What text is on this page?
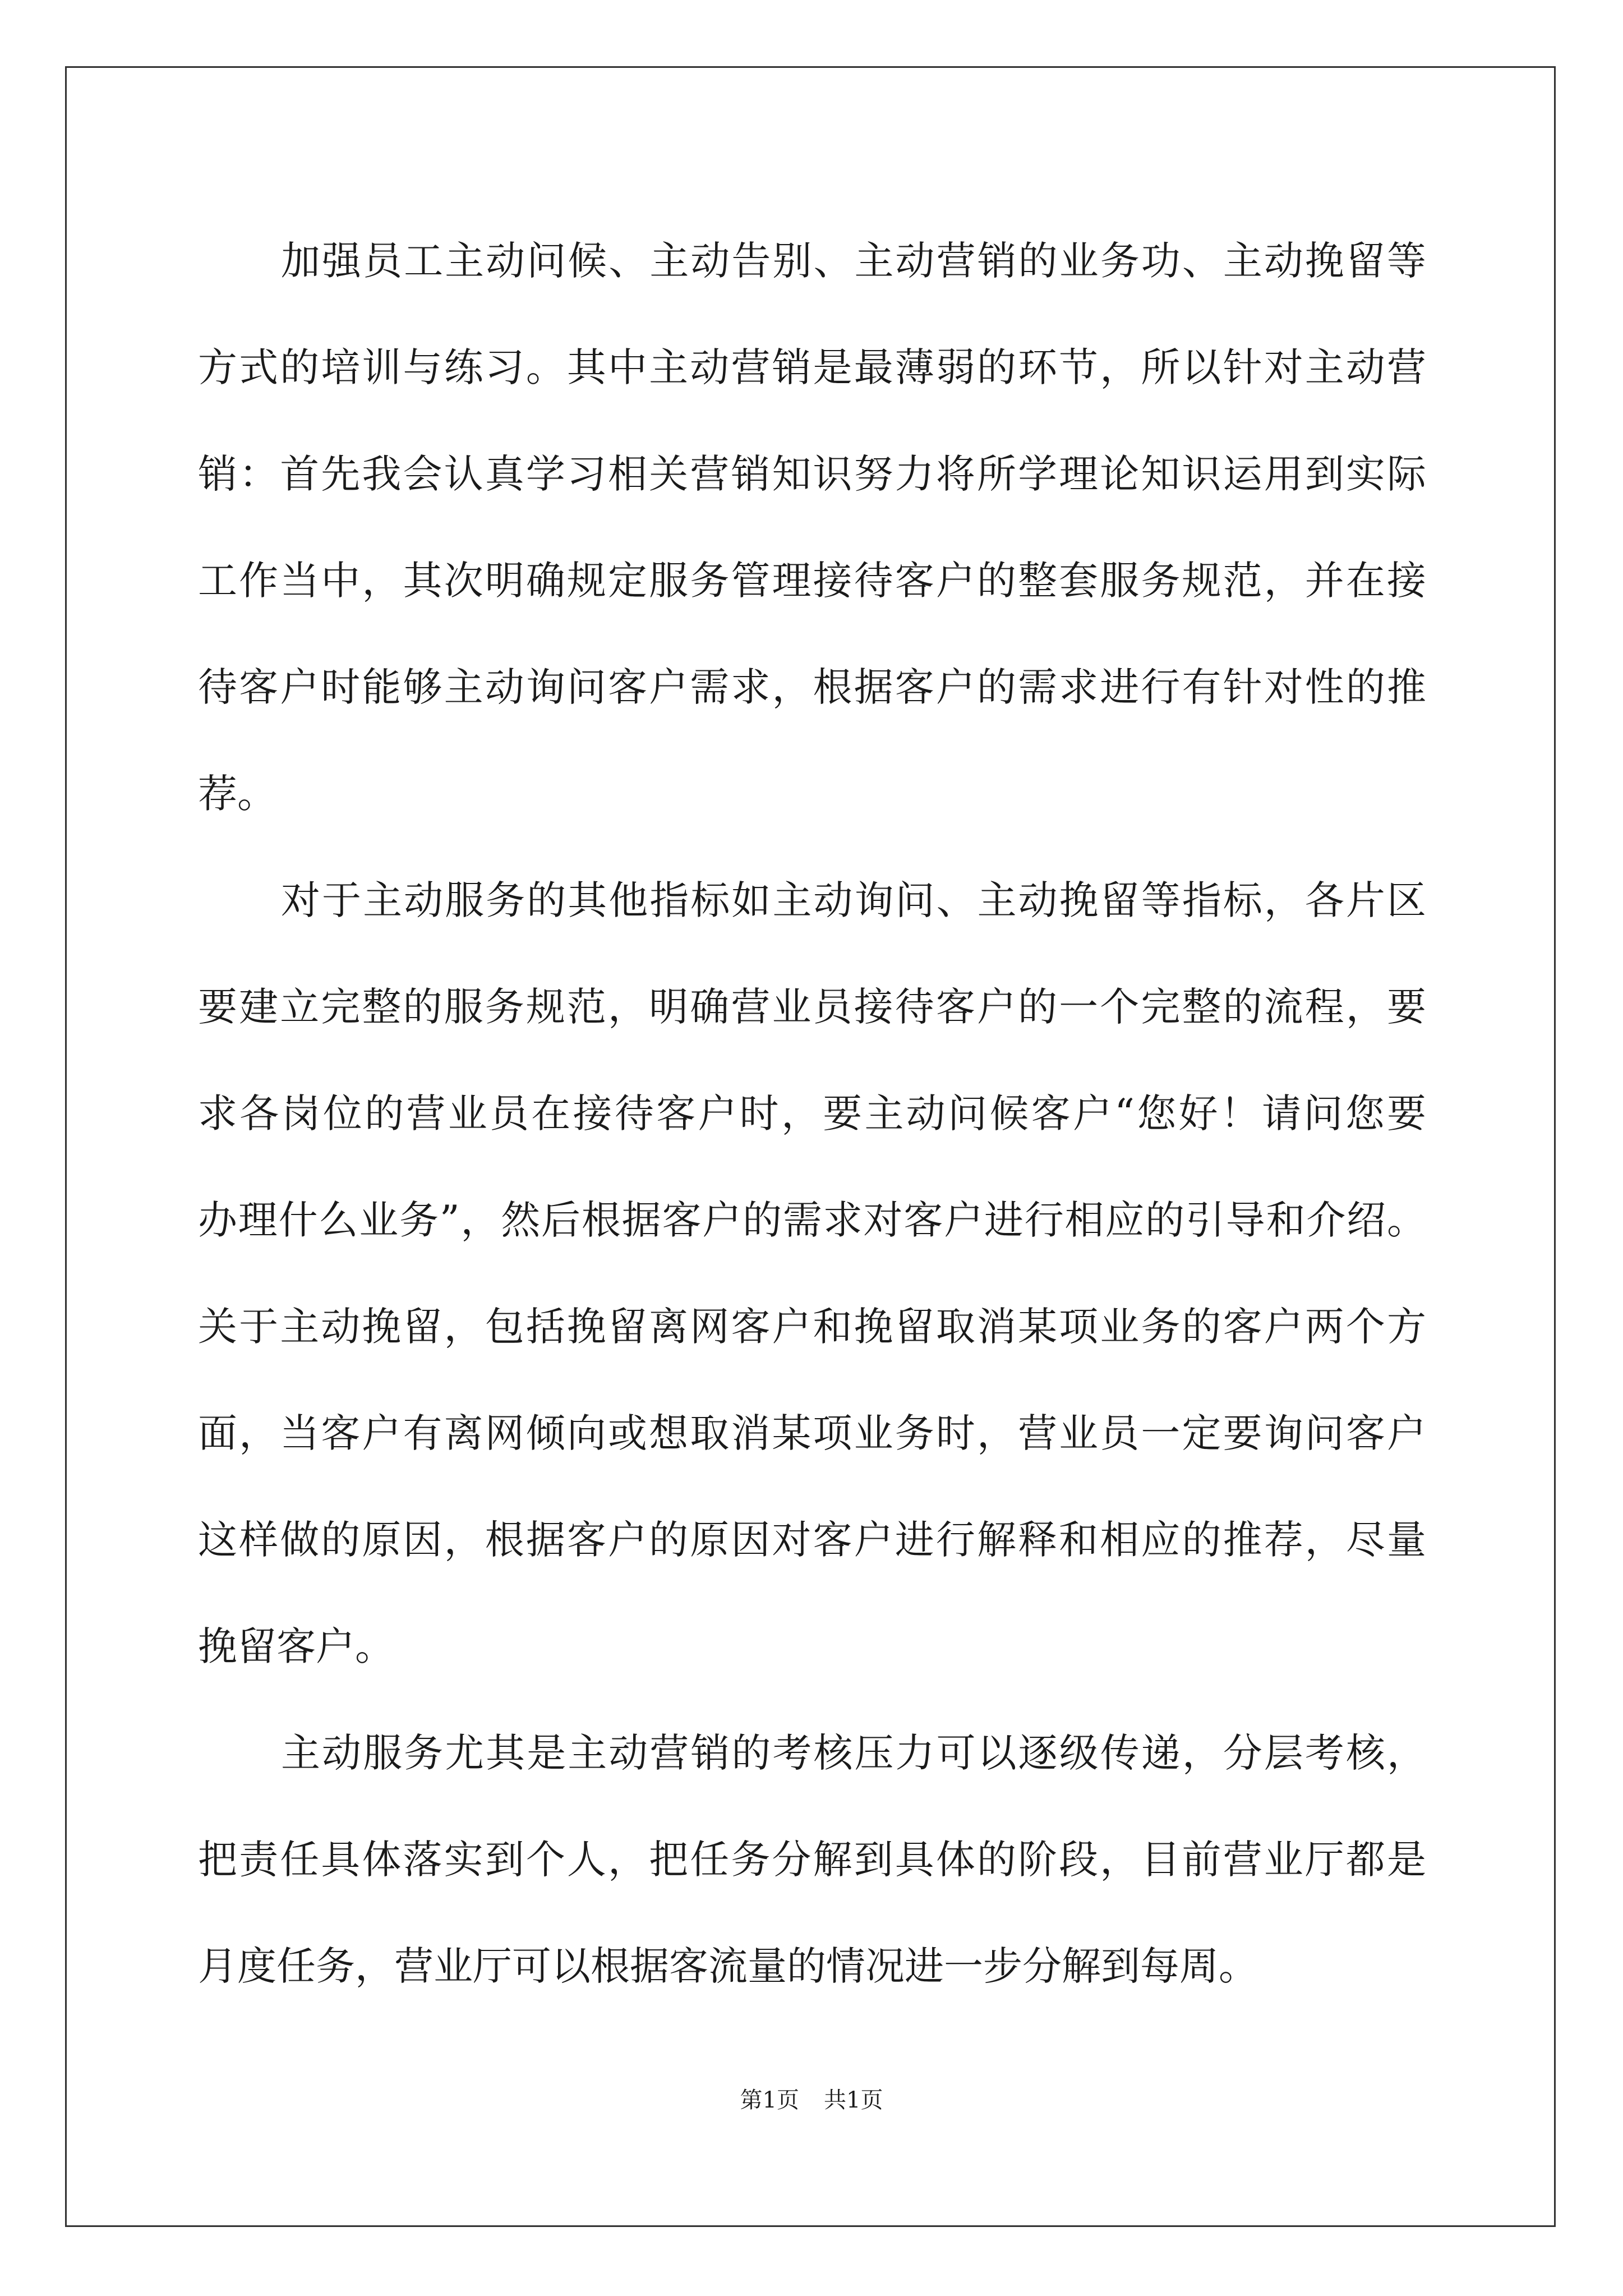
加强员工主动问候、主动告别、主动营销的业务功、主动挽留等
方式的培训与练习。其中主动营销是最薄弱的环节，所以针对主动营
销：首先我会认真学习相关营销知识努力将所学理论知识运用到实际
工作当中，其次明确规定服务管理接待客户的整套服务规范，并在接
待客户时能够主动询问客户需求，根据客户的需求进行有针对性的推
荐。
对于主动服务的其他指标如主动询问、主动挽留等指标，各片区
要建立完整的服务规范，明确营业员接待客户的一个完整的流程，要
求各岗位的营业员在接待客户时，要主动问候客户“您好！请问您要
办理什么业务”，然后根据客户的需求对客户进行相应的引导和介绍。
关于主动挽留，包括挽留离网客户和挽留取消某项业务的客户两个方
面，当客户有离网倾向或想取消某项业务时，营业员一定要询问客户
这样做的原因，根据客户的原因对客户进行解释和相应的推荐，尽量
挽留客户。
主动服务尤其是主动营销的考核压力可以逐级传递，分层考核，
把责任具体落实到个人，把任务分解到具体的阶段，目前营业厅都是
月度任务，营业厅可以根据客流量的情况进一步分解到每周。
第1页 共1页
